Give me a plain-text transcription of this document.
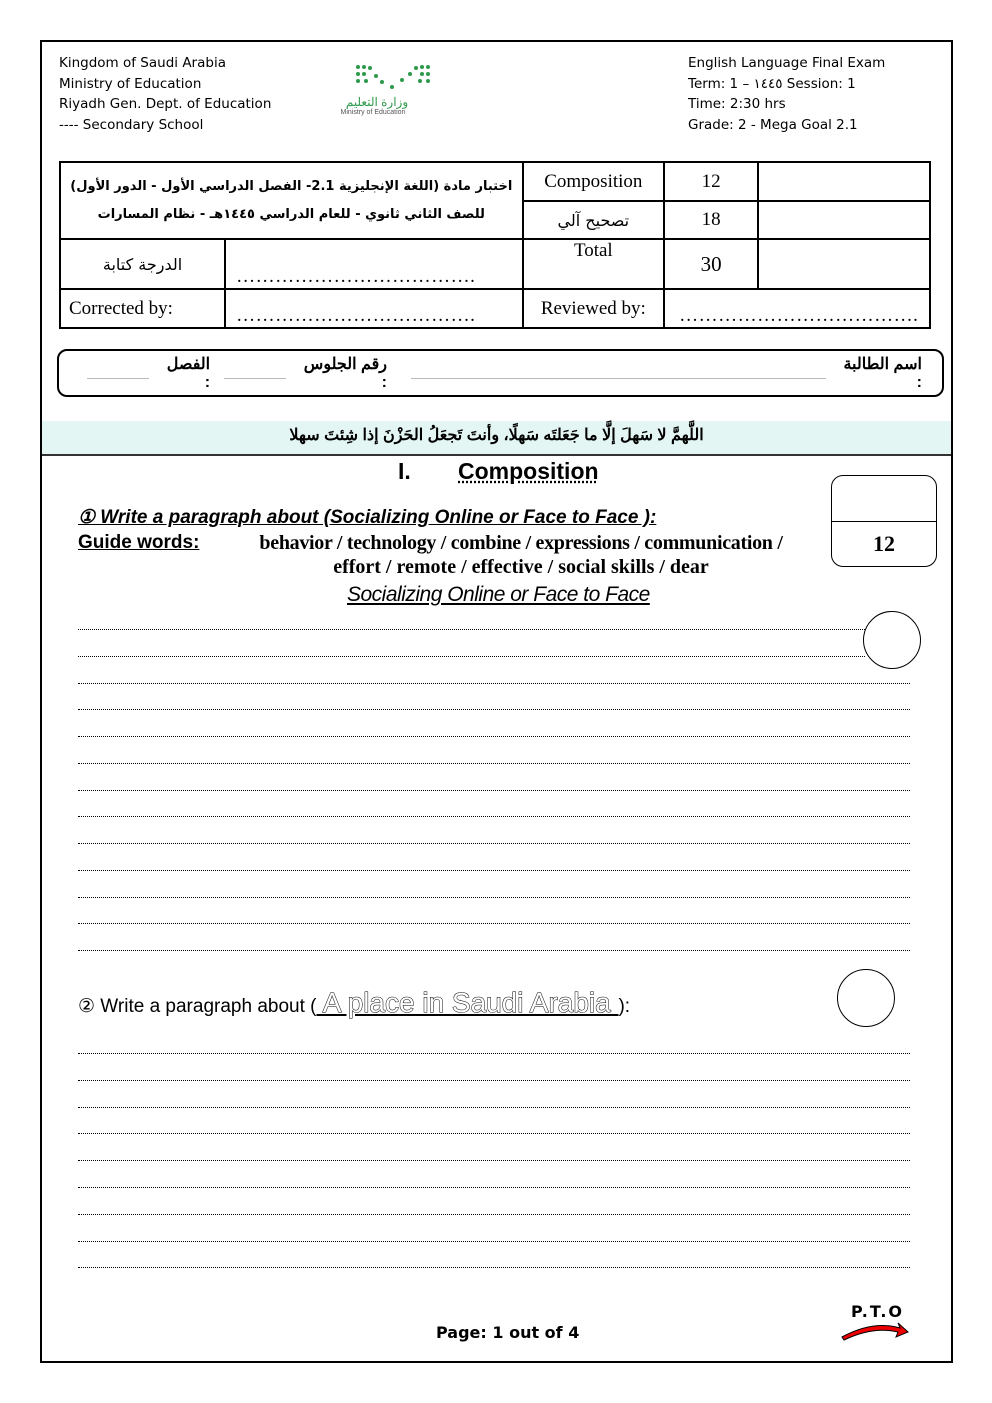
Kingdom of Saudi Arabia
Ministry of Education
Riyadh Gen. Dept. of Education
---- Secondary School
وزارة التعليم
Ministry of Education
English Language Final Exam
Term: 1 – ١٤٤٥ Session: 1
Time: 2:30 hrs
Grade: 2 - Mega Goal 2.1
اختبار مادة (اللغة الإنجليزية 2.1- الفصل الدراسي الأول - الدور الأول)
للصف الثاني ثانوي - للعام الدراسي ١٤٤٥هـ - نظام المسارات		Composition	12	
		تصحيح آلي	18	
الدرجة كتابة	……………………………….	Total	30	
Corrected by:	……………………………….	Reviewed by:	……………………………….	
اسم الطالبة :
رقم الجلوس :
الفصل :
اللَّهمَّ لا سَهلَ إلَّا ما جَعَلتَه سَهلًا، وأنتَ تَجعَلُ الحَزْنَ إذا شِئتَ سهلا
I. Composition
12
① Write a paragraph about (Socializing Online or Face to Face ):
Guide words:	behavior / technology / combine / expressions / communication /
effort / remote / effective / social skills / dear
Socializing Online or Face to Face
② Write a paragraph about ( A place in Saudi Arabia ):
Page: 1 out of 4
P.T.O
